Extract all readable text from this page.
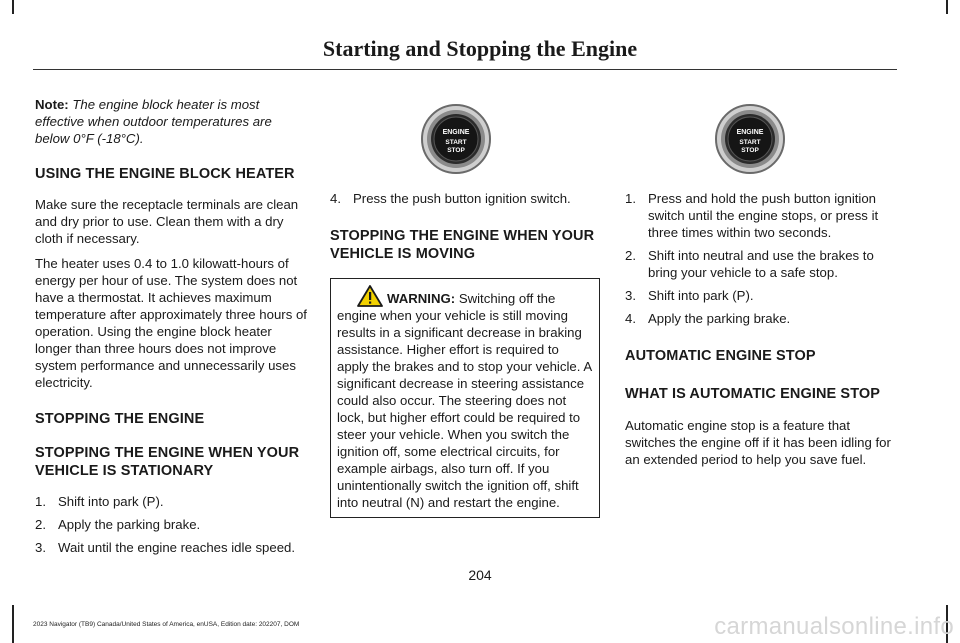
Starting and Stopping the Engine

Note: The engine block heater is most effective when outdoor temperatures are below 0°F (-18°C).

USING THE ENGINE BLOCK HEATER

Make sure the receptacle terminals are clean and dry prior to use. Clean them with a dry cloth if necessary.

The heater uses 0.4 to 1.0 kilowatt-hours of energy per hour of use. The system does not have a thermostat. It achieves maximum temperature after approximately three hours of operation. Using the engine block heater longer than three hours does not improve system performance and unnecessarily uses electricity.

STOPPING THE ENGINE
STOPPING THE ENGINE WHEN YOUR VEHICLE IS STATIONARY
1. Shift into park (P).
2. Apply the parking brake.
3. Wait until the engine reaches idle speed.
ENGINE
START
STOP
ENGINE
START
STOP
4. Press the push button ignition switch.
STOPPING THE ENGINE WHEN YOUR VEHICLE IS MOVING
WARNING: Switching off the engine when your vehicle is still moving results in a significant decrease in braking assistance. Higher effort is required to apply the brakes and to stop your vehicle. A significant decrease in steering assistance could also occur. The steering does not lock, but higher effort could be required to steer your vehicle. When you switch the ignition off, some electrical circuits, for example airbags, also turn off. If you unintentionally switch the ignition off, shift into neutral (N) and restart the engine.
1. Press and hold the push button ignition switch until the engine stops, or press it three times within two seconds.
2. Shift into neutral and use the brakes to bring your vehicle to a safe stop.
3. Shift into park (P).
4. Apply the parking brake.
AUTOMATIC ENGINE STOP
WHAT IS AUTOMATIC ENGINE STOP

Automatic engine stop is a feature that switches the engine off if it has been idling for an extended period to help you save fuel.

204
2023 Navigator (TB9) Canada/United States of America, enUSA, Edition date: 202207, DOM	carmanualsonline.info
